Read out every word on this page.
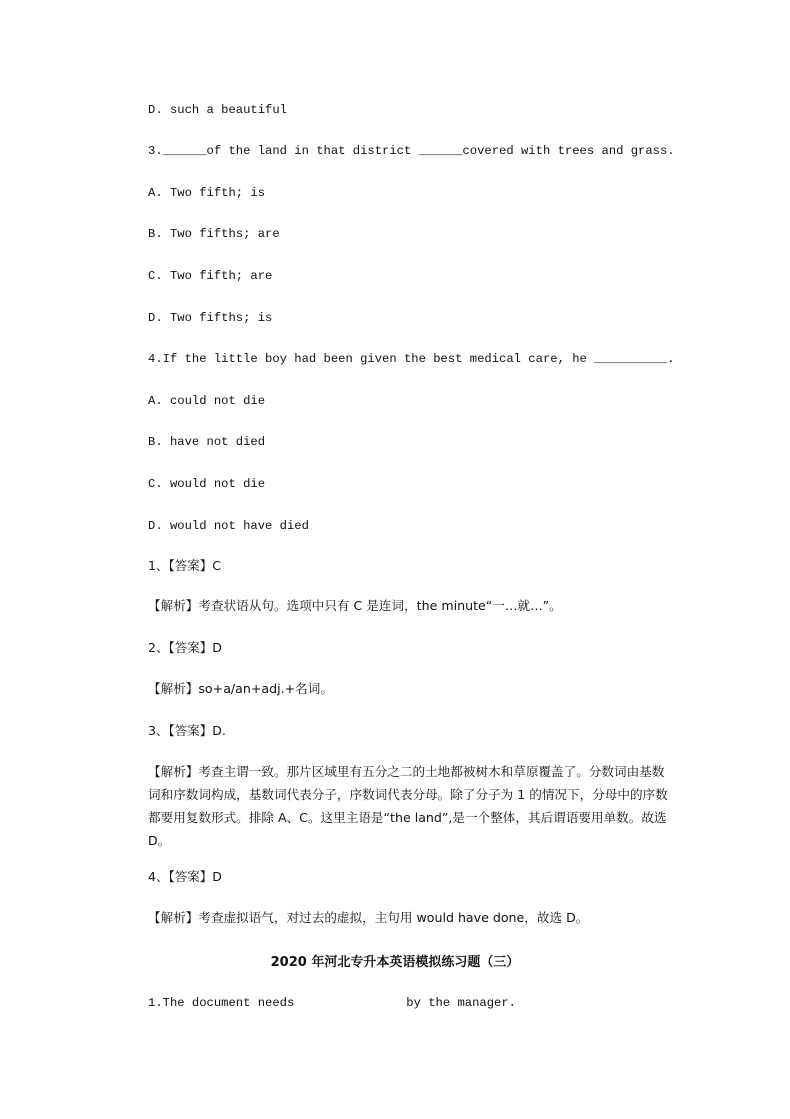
D. such a beautiful
3.______of the land in that district ______covered with trees and grass.
A. Two fifth; is
B. Two fifths; are
C. Two fifth; are
D. Two fifths; is
4.If the little boy had been given the best medical care, he __________.
A. could not die
B. have not died
C. would not die
D. would not have died
1、【答案】C
【解析】考查状语从句。选项中只有 C 是连词，the minute“一…就…”。
2、【答案】D
【解析】so+a/an+adj.+名词。
3、【答案】D.
【解析】考查主谓一致。那片区域里有五分之二的土地都被树木和草原覆盖了。分数词由基数词和序数词构成，基数词代表分子，序数词代表分母。除了分子为 1 的情况下，分母中的序数都要用复数形式。排除 A、C。这里主语是“the land”,是一个整体，其后谓语要用单数。故选 D。
4、【答案】D
【解析】考查虚拟语气，对过去的虚拟，主句用 would have done，故选 D。
2020 年河北专升本英语模拟练习题（三）
1.The document needs	by the manager.
